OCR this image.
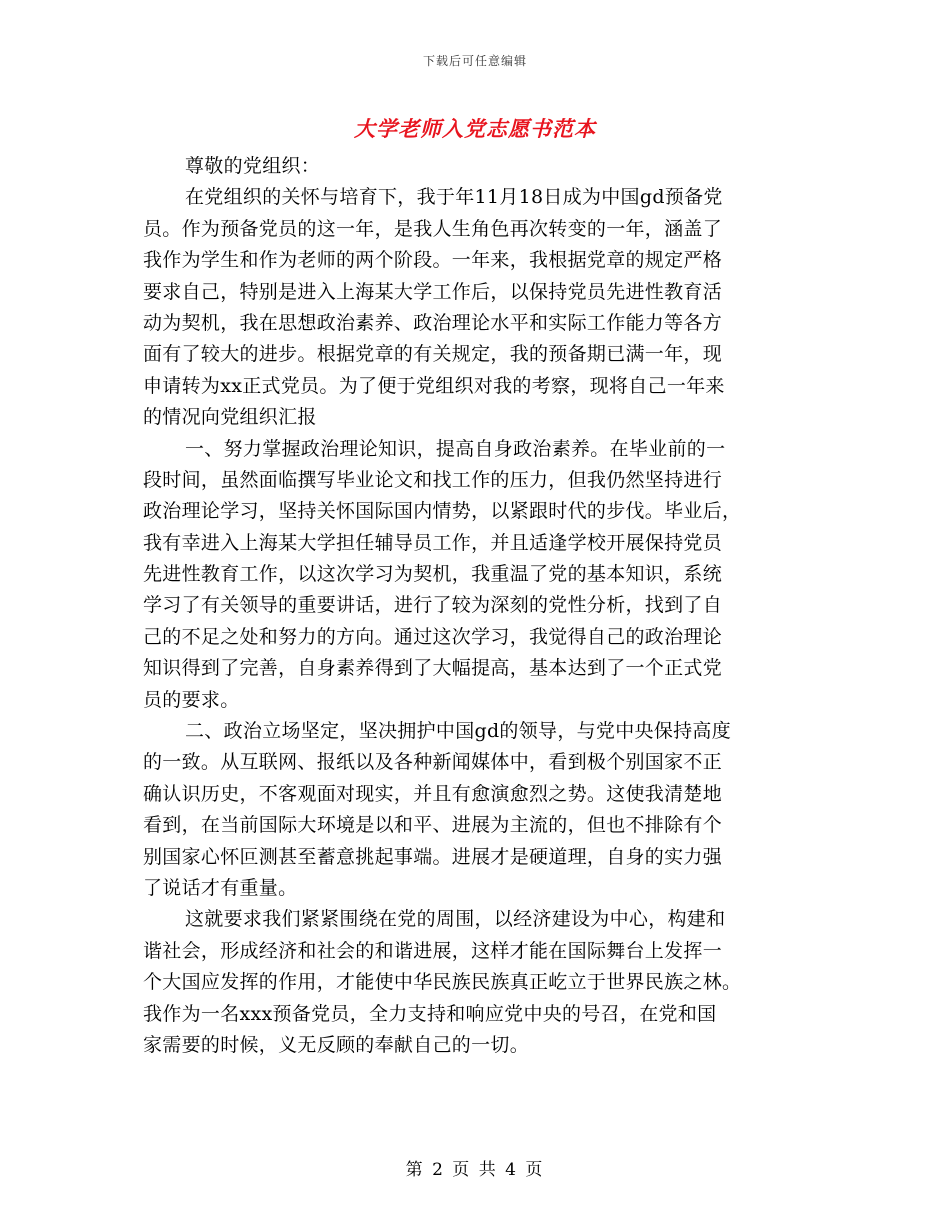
下载后可任意编辑
大学老师入党志愿书范本
尊敬的党组织：
在党组织的关怀与培育下，我于年11月18日成为中国gd预备党
员。作为预备党员的这一年，是我人生角色再次转变的一年，涵盖了
我作为学生和作为老师的两个阶段。一年来，我根据党章的规定严格
要求自己，特别是进入上海某大学工作后，以保持党员先进性教育活
动为契机，我在思想政治素养、政治理论水平和实际工作能力等各方
面有了较大的进步。根据党章的有关规定，我的预备期已满一年，现
申请转为xx正式党员。为了便于党组织对我的考察，现将自己一年来
的情况向党组织汇报
一、努力掌握政治理论知识，提高自身政治素养。在毕业前的一
段时间，虽然面临撰写毕业论文和找工作的压力，但我仍然坚持进行
政治理论学习，坚持关怀国际国内情势，以紧跟时代的步伐。毕业后，
我有幸进入上海某大学担任辅导员工作，并且适逢学校开展保持党员
先进性教育工作，以这次学习为契机，我重温了党的基本知识，系统
学习了有关领导的重要讲话，进行了较为深刻的党性分析，找到了自
己的不足之处和努力的方向。通过这次学习，我觉得自己的政治理论
知识得到了完善，自身素养得到了大幅提高，基本达到了一个正式党
员的要求。
二、政治立场坚定，坚决拥护中国gd的领导，与党中央保持高度
的一致。从互联网、报纸以及各种新闻媒体中，看到极个别国家不正
确认识历史，不客观面对现实，并且有愈演愈烈之势。这使我清楚地
看到，在当前国际大环境是以和平、进展为主流的，但也不排除有个
别国家心怀叵测甚至蓄意挑起事端。进展才是硬道理，自身的实力强
了说话才有重量。
这就要求我们紧紧围绕在党的周围，以经济建设为中心，构建和
谐社会，形成经济和社会的和谐进展，这样才能在国际舞台上发挥一
个大国应发挥的作用，才能使中华民族民族真正屹立于世界民族之林。
我作为一名xxx预备党员，全力支持和响应党中央的号召，在党和国
家需要的时候，义无反顾的奉献自己的一切。
第 2 页 共 4 页
